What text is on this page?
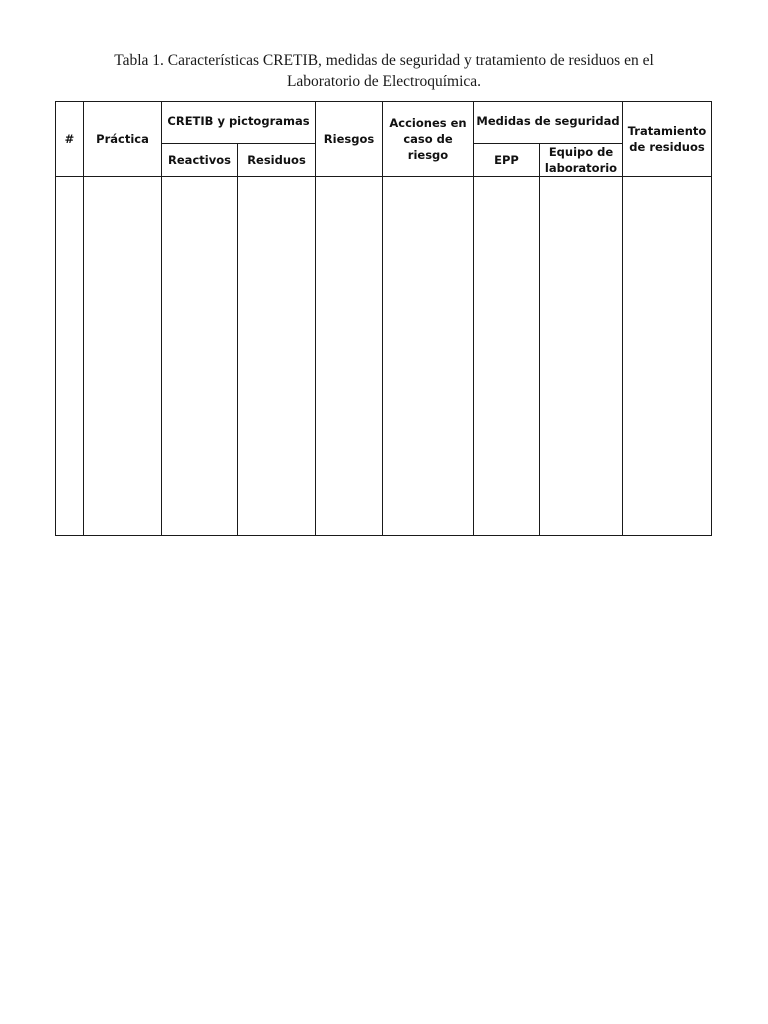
Tabla 1. Características CRETIB, medidas de seguridad y tratamiento de residuos en el
Laboratorio de Electroquímica.
#	Práctica	CRETIB y pictogramas		Riesgos	Acciones en
caso de
riesgo	Medidas de seguridad		Tratamiento
de residuos

		Reactivos	Residuos			EPP	Equipo de
laboratorio	
